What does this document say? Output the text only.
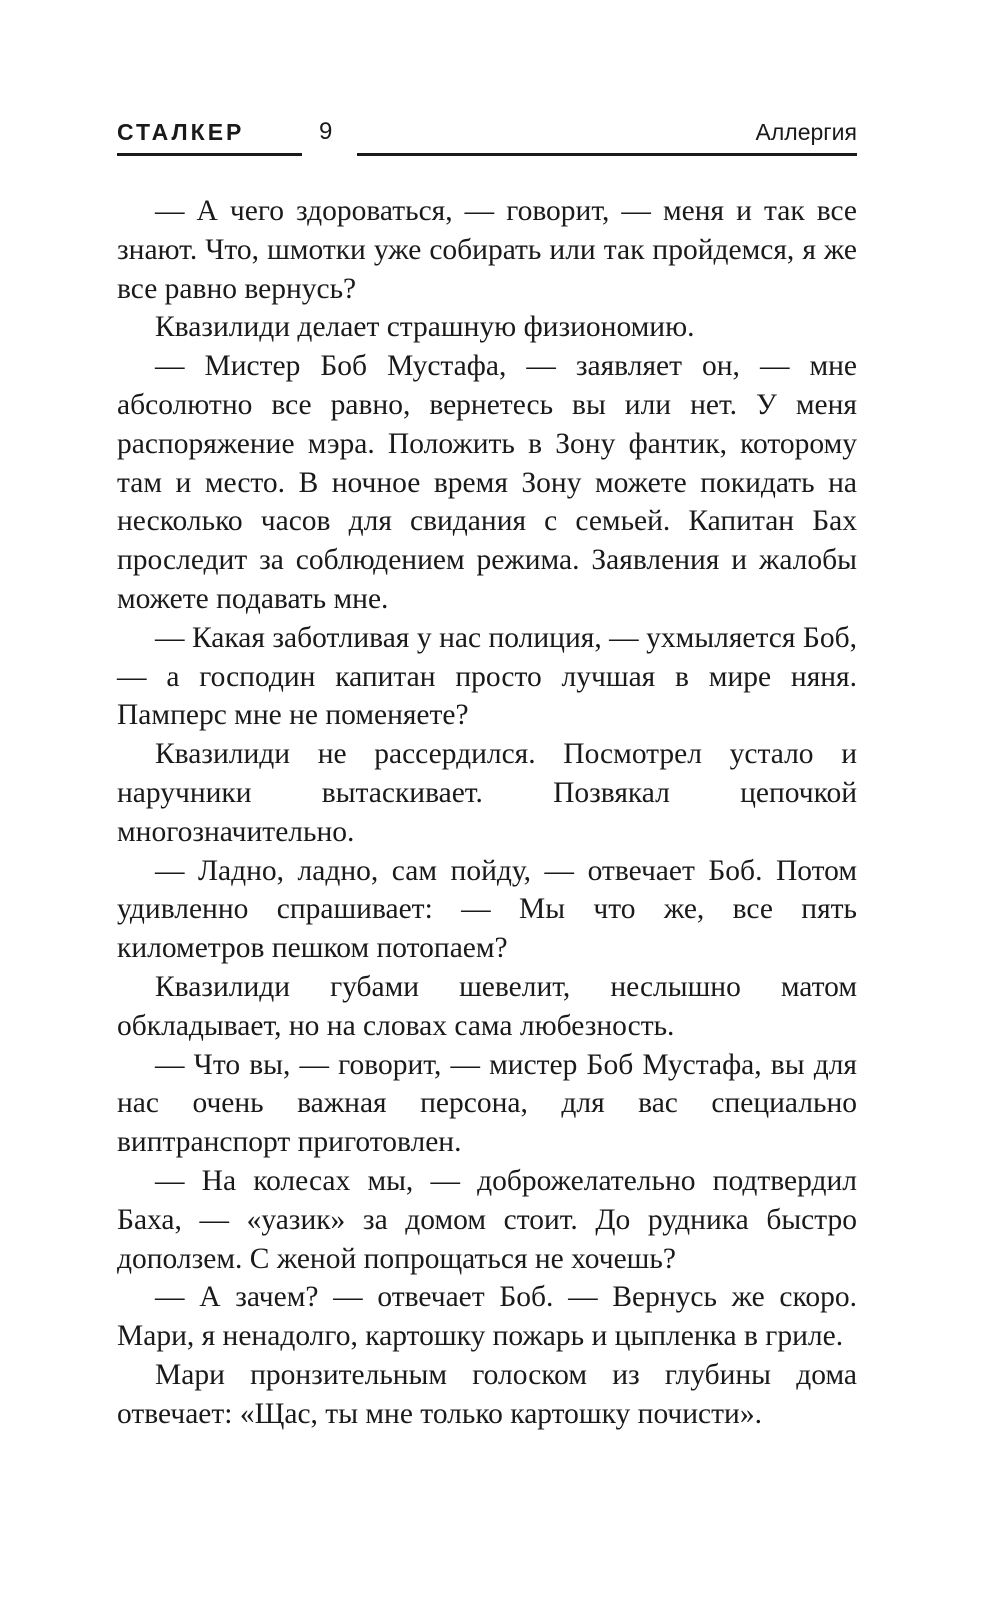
СТАЛКЕР	9	Аллергия

— А чего здороваться, — говорит, — меня и так все знают. Что, шмотки уже собирать или так пройдемся, я же все равно вернусь?

Квазилиди делает страшную физиономию.

— Мистер Боб Мустафа, — заявляет он, — мне абсолютно все равно, вернетесь вы или нет. У меня распоряжение мэра. Положить в Зону фантик, которому там и место. В ночное время Зону можете покидать на несколько часов для свидания с семьей. Капитан Бах проследит за соблюдением режима. Заявления и жалобы можете подавать мне.

— Какая заботливая у нас полиция, — ухмыляется Боб, — а господин капитан просто лучшая в мире няня. Памперс мне не поменяете?

Квазилиди не рассердился. Посмотрел устало и наручники вытаскивает. Позвякал цепочкой многозначительно.

— Ладно, ладно, сам пойду, — отвечает Боб. Потом удивленно спрашивает: — Мы что же, все пять километров пешком потопаем?

Квазилиди губами шевелит, неслышно матом обкладывает, но на словах сама любезность.

— Что вы, — говорит, — мистер Боб Мустафа, вы для нас очень важная персона, для вас специально виптранспорт приготовлен.

— На колесах мы, — доброжелательно подтвердил Баха, — «уазик» за домом стоит. До рудника быстро доползем. С женой попрощаться не хочешь?

— А зачем? — отвечает Боб. — Вернусь же скоро. Мари, я ненадолго, картошку пожарь и цыпленка в гриле.

Мари пронзительным голоском из глубины дома отвечает: «Щас, ты мне только картошку почисти».
